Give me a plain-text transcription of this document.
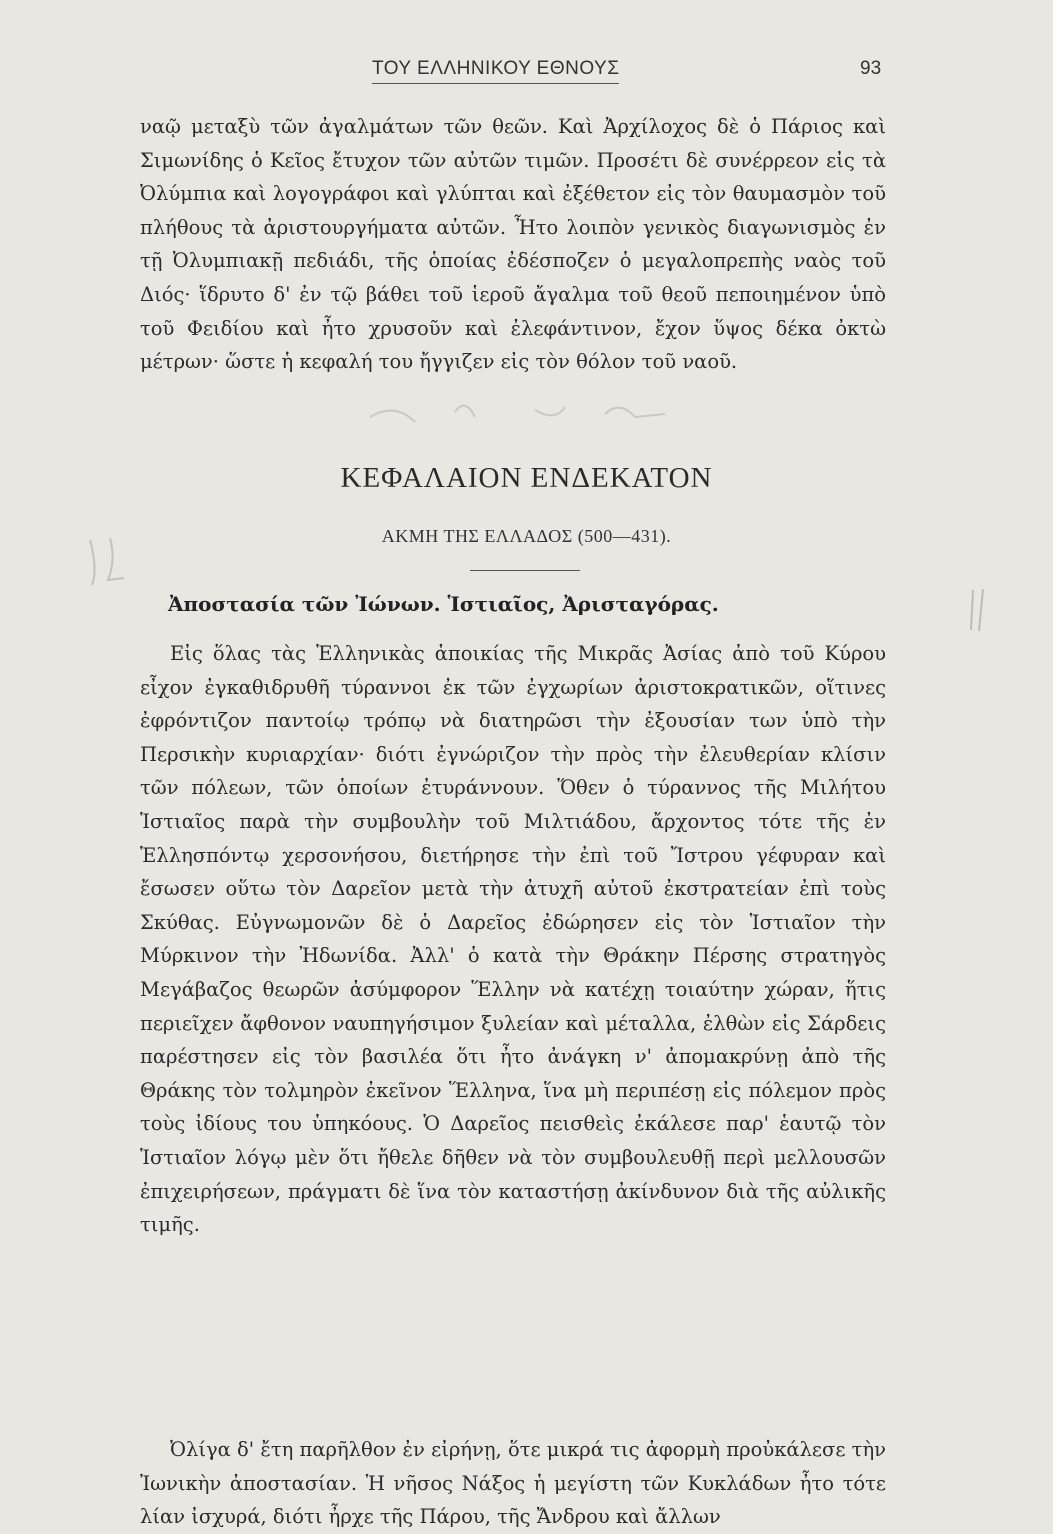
ΤΟΥ ΕΛΛΗΝΙΚΟΥ ΕΘΝΟΥΣ	93

ναῷ μεταξὺ τῶν ἀγαλμάτων τῶν θεῶν. Καὶ Ἀρχίλοχος δὲ ὁ Πάριος καὶ Σιμωνίδης ὁ Κεῖος ἔτυχον τῶν αὐτῶν τιμῶν. Προσέτι δὲ συνέρρεον εἰς τὰ Ὀλύμπια καὶ λογογράφοι καὶ γλύπται καὶ ἐξέθετον εἰς τὸν θαυμασμὸν τοῦ πλήθους τὰ ἀριστουργήματα αὐτῶν. Ἦτο λοιπὸν γενικὸς διαγωνισμὸς ἐν τῇ Ὀλυμπιακῇ πεδιάδι, τῆς ὁποίας ἐδέσποζεν ὁ μεγαλοπρεπὴς ναὸς τοῦ Διός· ἵδρυτο δ' ἐν τῷ βάθει τοῦ ἱεροῦ ἄγαλμα τοῦ θεοῦ πεποιημένον ὑπὸ τοῦ Φειδίου καὶ ἦτο χρυσοῦν καὶ ἐλεφάντινον, ἔχον ὕψος δέκα ὀκτὼ μέτρων· ὥστε ἡ κεφαλή του ἤγγιζεν εἰς τὸν θόλον τοῦ ναοῦ.

ΚΕΦΑΛΑΙΟΝ ΕΝΔΕΚΑΤΟΝ
ΑΚΜΗ ΤΗΣ ΕΛΛΑΔΟΣ (500—431).
Ἀποστασία τῶν Ἰώνων. Ἱστιαῖος, Ἀρισταγόρας.

Εἰς ὅλας τὰς Ἑλληνικὰς ἀποικίας τῆς Μικρᾶς Ἀσίας ἀπὸ τοῦ Κύρου εἶχον ἐγκαθιδρυθῆ τύραννοι ἐκ τῶν ἐγχωρίων ἀριστοκρατικῶν, οἵτινες ἐφρόντιζον παντοίῳ τρόπῳ νὰ διατηρῶσι τὴν ἐξουσίαν των ὑπὸ τὴν Περσικὴν κυριαρχίαν· διότι ἐγνώριζον τὴν πρὸς τὴν ἐλευθερίαν κλίσιν τῶν πόλεων, τῶν ὁποίων ἐτυράννουν. Ὅθεν ὁ τύραννος τῆς Μιλήτου Ἱστιαῖος παρὰ τὴν συμβουλὴν τοῦ Μιλτιάδου, ἄρχοντος τότε τῆς ἐν Ἑλλησπόντῳ χερσονήσου, διετήρησε τὴν ἐπὶ τοῦ Ἴστρου γέφυραν καὶ ἔσωσεν οὕτω τὸν Δαρεῖον μετὰ τὴν ἀτυχῆ αὐτοῦ ἐκστρατείαν ἐπὶ τοὺς Σκύθας. Εὐγνωμονῶν δὲ ὁ Δαρεῖος ἐδώρησεν εἰς τὸν Ἱστιαῖον τὴν Μύρκινον τὴν Ἠδωνίδα. Ἀλλ' ὁ κατὰ τὴν Θράκην Πέρσης στρατηγὸς Μεγάβαζος θεωρῶν ἀσύμφορον Ἕλλην νὰ κατέχῃ τοιαύτην χώραν, ἥτις περιεῖχεν ἄφθονον ναυπηγήσιμον ξυλείαν καὶ μέταλλα, ἐλθὼν εἰς Σάρδεις παρέστησεν εἰς τὸν βασιλέα ὅτι ἦτο ἀνάγκη ν' ἀπομακρύνῃ ἀπὸ τῆς Θράκης τὸν τολμηρὸν ἐκεῖνον Ἕλληνα, ἵνα μὴ περιπέσῃ εἰς πόλεμον πρὸς τοὺς ἰδίους του ὑπηκόους. Ὁ Δαρεῖος πεισθεὶς ἐκάλεσε παρ' ἑαυτῷ τὸν Ἱστιαῖον λόγῳ μὲν ὅτι ἤθελε δῆθεν νὰ τὸν συμβουλευθῇ περὶ μελλουσῶν ἐπιχειρήσεων, πράγματι δὲ ἵνα τὸν καταστήσῃ ἀκίνδυνον διὰ τῆς αὐλικῆς τιμῆς.

Ὀλίγα δ' ἔτη παρῆλθον ἐν εἰρήνῃ, ὅτε μικρά τις ἀφορμὴ προὐκάλεσε τὴν Ἰωνικὴν ἀποστασίαν. Ἡ νῆσος Νάξος ἡ μεγίστη τῶν Κυκλάδων ἦτο τότε λίαν ἰσχυρά, διότι ἦρχε τῆς Πάρου, τῆς Ἄνδρου καὶ ἄλλων
